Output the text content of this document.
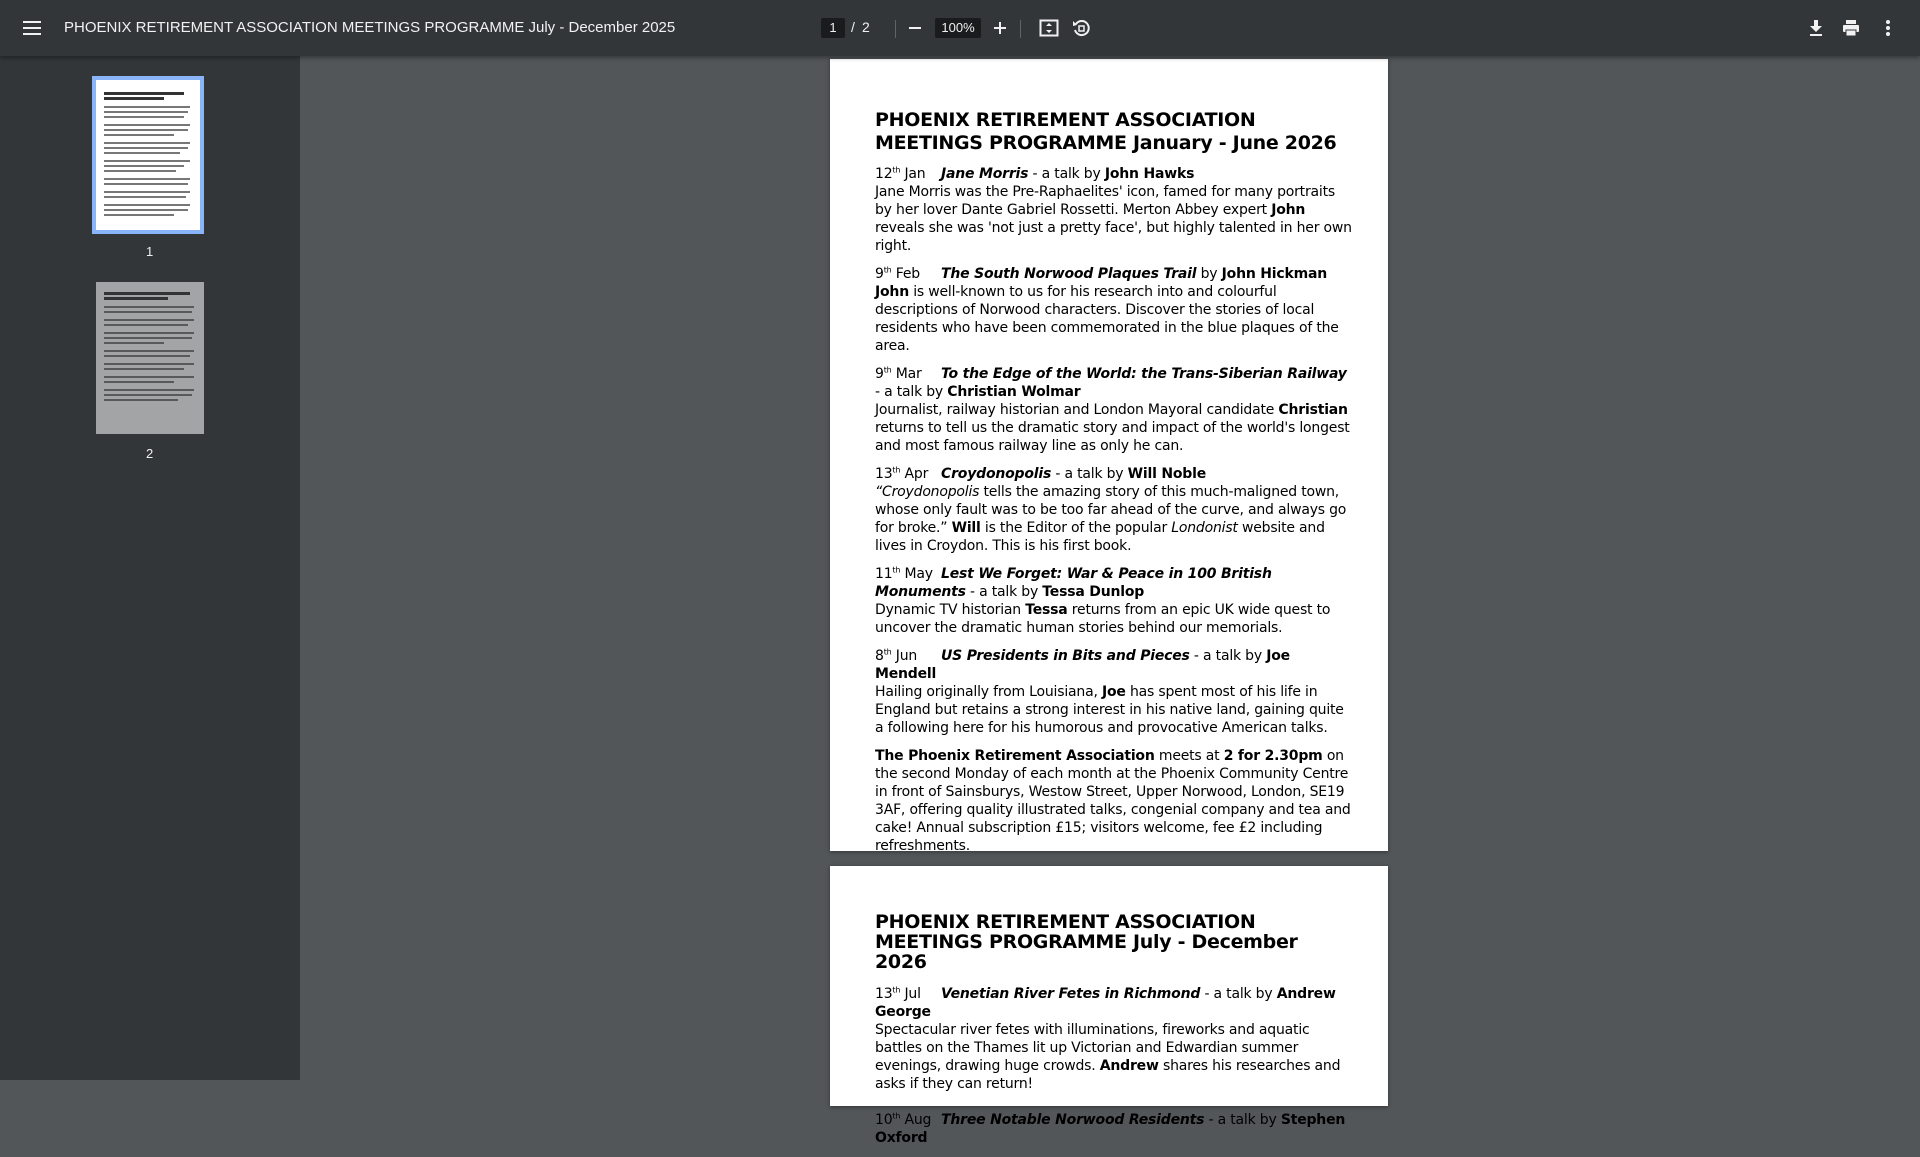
PHOENIX RETIREMENT ASSOCIATION MEETINGS PROGRAMME July - December 2025	1	/ 2	100%
1
2
PHOENIX RETIREMENT ASSOCIATION MEETINGS PROGRAMME January - June 2026
12th Jan Jane Morris - a talk by John Hawks
Jane Morris was the Pre-Raphaelites' icon, famed for many portraits by her lover Dante Gabriel Rossetti. Merton Abbey expert John reveals she was 'not just a pretty face', but highly talented in her own right.
9th Feb The South Norwood Plaques Trail by John Hickman
John is well-known to us for his research into and colourful descriptions of Norwood characters. Discover the stories of local residents who have been commemorated in the blue plaques of the area.
9th Mar To the Edge of the World: the Trans-Siberian Railway - a talk by Christian Wolmar
Journalist, railway historian and London Mayoral candidate Christian returns to tell us the dramatic story and impact of the world's longest and most famous railway line as only he can.
13th Apr Croydonopolis - a talk by Will Noble
“Croydonopolis tells the amazing story of this much-maligned town, whose only fault was to be too far ahead of the curve, and always go for broke.” Will is the Editor of the popular Londonist website and lives in Croydon. This is his first book.
11th May Lest We Forget: War & Peace in 100 British Monuments - a talk by Tessa Dunlop
Dynamic TV historian Tessa returns from an epic UK wide quest to uncover the dramatic human stories behind our memorials.
8th Jun US Presidents in Bits and Pieces - a talk by Joe Mendell
Hailing originally from Louisiana, Joe has spent most of his life in England but retains a strong interest in his native land, gaining quite a following here for his humorous and provocative American talks.
The Phoenix Retirement Association meets at 2 for 2.30pm on the second Monday of each month at the Phoenix Community Centre in front of Sainsburys, Westow Street, Upper Norwood, London, SE19 3AF, offering quality illustrated talks, congenial company and tea and cake! Annual subscription £15; visitors welcome, fee £2 including refreshments.
PHOENIX RETIREMENT ASSOCIATION MEETINGS PROGRAMME July - December 2026
13th Jul Venetian River Fetes in Richmond - a talk by Andrew George
Spectacular river fetes with illuminations, fireworks and aquatic battles on the Thames lit up Victorian and Edwardian summer evenings, drawing huge crowds. Andrew shares his researches and asks if they can return!
10th Aug Three Notable Norwood Residents - a talk by Stephen Oxford
